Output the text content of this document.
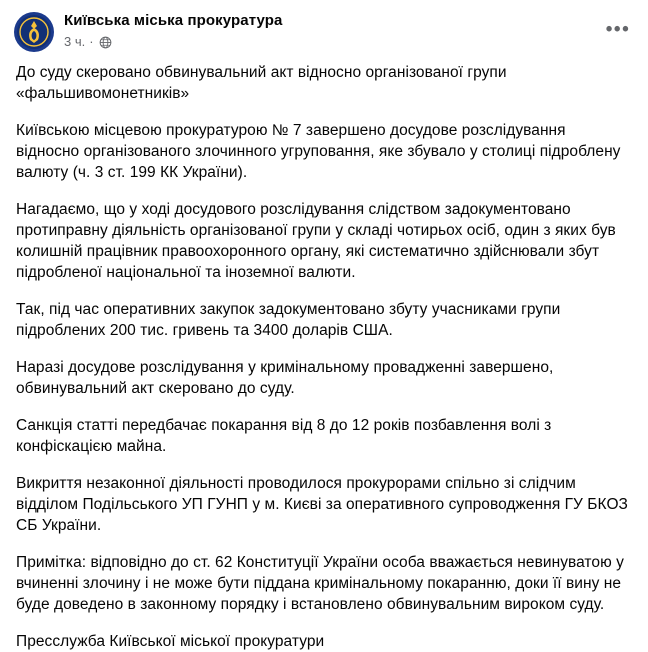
Київська міська прокуратура
3 ч. ·
•••

До суду скеровано обвинувальний акт відносно організованої групи «фальшивомонетників»

Київською місцевою прокуратурою № 7 завершено досудове розслідування відносно організованого злочинного угруповання, яке збувало у столиці підроблену валюту (ч. 3 ст. 199 КК України).

Нагадаємо, що у ході досудового розслідування слідством задокументовано протиправну діяльність організованої групи у складі чотирьох осіб, один з яких був колишній працівник правоохоронного органу, які систематично здійснювали збут підробленої національної та іноземної валюти.

Так, під час оперативних закупок задокументовано збуту учасниками групи підроблених 200 тис. гривень та 3400 доларів США.

Наразі досудове розслідування у кримінальному провадженні завершено, обвинувальний акт скеровано до суду.

Санкція статті передбачає покарання від 8 до 12 років позбавлення волі з конфіскацією майна.

Викриття незаконної діяльності проводилося прокурорами спільно зі слідчим відділом Подільського УП ГУНП у м. Києві за оперативного супроводження ГУ БКОЗ СБ України.

Примітка: відповідно до ст. 62 Конституції України особа вважається невинуватою у вчиненні злочину і не може бути піддана кримінальному покаранню, доки її вину не буде доведено в законному порядку і встановлено обвинувальним вироком суду.

Пресслужба Київської міської прокуратури
